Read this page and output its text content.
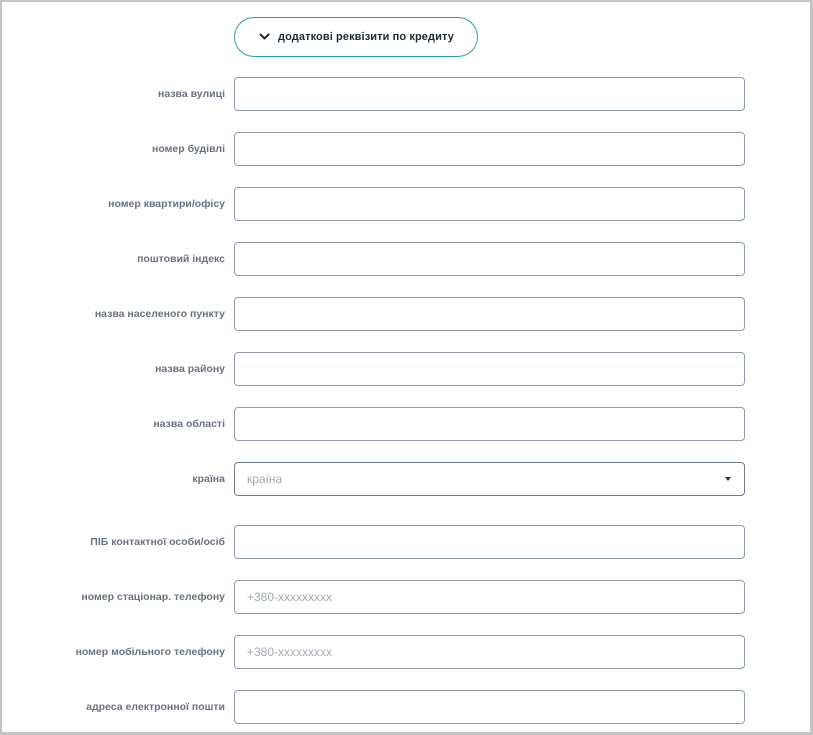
додаткові реквізити по кредиту
назва вулиці
номер будівлі
номер квартири/офісу
поштовий індекс
назва населеного пункту
назва району
назва області
країна країна
ПІБ контактної особи/осіб
номер стаціонар. телефону
+380-xxxxxxxxx
номер мобільного телефону
+380-xxxxxxxxx
адреса електронної пошти
